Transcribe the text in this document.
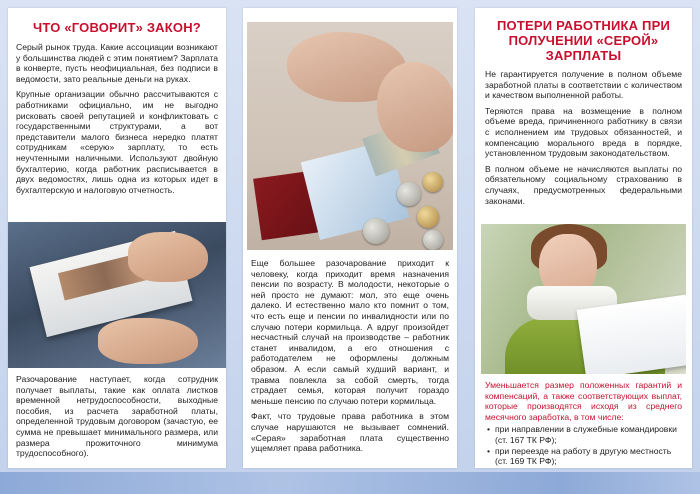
ЧТО «ГОВОРИТ» ЗАКОН?

Серый рынок труда. Какие ассоциации возникают у большинства людей с этим понятием? Зарплата в конверте, пусть неофициальная, без подписи в ведомости, зато реальные деньги на руках.

Крупные организации обычно рассчитываются с работниками официально, им не выгодно рисковать своей репутацией и конфликтовать с государственными структурами, а вот представители малого бизнеса нередко платят сотрудникам «серую» зарплату, то есть неучтенными наличными. Используют двойную бухгалтерию, когда работник расписывается в двух ведомостях, лишь одна из которых идет в бухгалтерскую и налоговую отчетность.

Разочарование наступает, когда сотрудник получает выплаты, такие как оплата листков временной нетрудоспособности, выходные пособия, из расчета заработной платы, определенной трудовым договором (зачастую, ее сумма не превышает минимального размера, или размера прожиточного минимума трудоспособного).

Еще большее разочарование приходит к человеку, когда приходит время назначения пенсии по возрасту. В молодости, некоторые о ней просто не думают: мол, это еще очень далеко. И естественно мало кто помнит о том, что есть еще и пенсии по инвалидности или по случаю потери кормильца. А вдруг произойдет несчастный случай на производстве – работник станет инвалидом, а его отношения с работодателем не оформлены должным образом. А если самый худший вариант, и травма повлекла за собой смерть, тогда страдает семья, которая получит гораздо меньше пенсию по случаю потери кормильца.

Факт, что трудовые права работника в этом случае нарушаются не вызывает сомнений. «Серая» заработная плата существенно ущемляет права работника.

ПОТЕРИ РАБОТНИКА ПРИ ПОЛУЧЕНИИ «СЕРОЙ» ЗАРПЛАТЫ

Не гарантируется получение в полном объеме заработной платы в соответствии с количеством и качеством выполненной работы.

Теряются права на возмещение в полном объеме вреда, причиненного работнику в связи с исполнением им трудовых обязанностей, и компенсацию морального вреда в порядке, установленном трудовым законодательством.

В полном объеме не начисляются выплаты по обязательному социальному страхованию в случаях, предусмотренных федеральными законами.

Уменьшается размер положенных гарантий и компенсаций, а также соответствующих выплат, которые производятся исходя из среднего месячного заработка, в том числе:

• при направлении в служебные командировки (ст. 167 ТК РФ);
• при переезде на работу в другую местность (ст. 169 ТК РФ);
